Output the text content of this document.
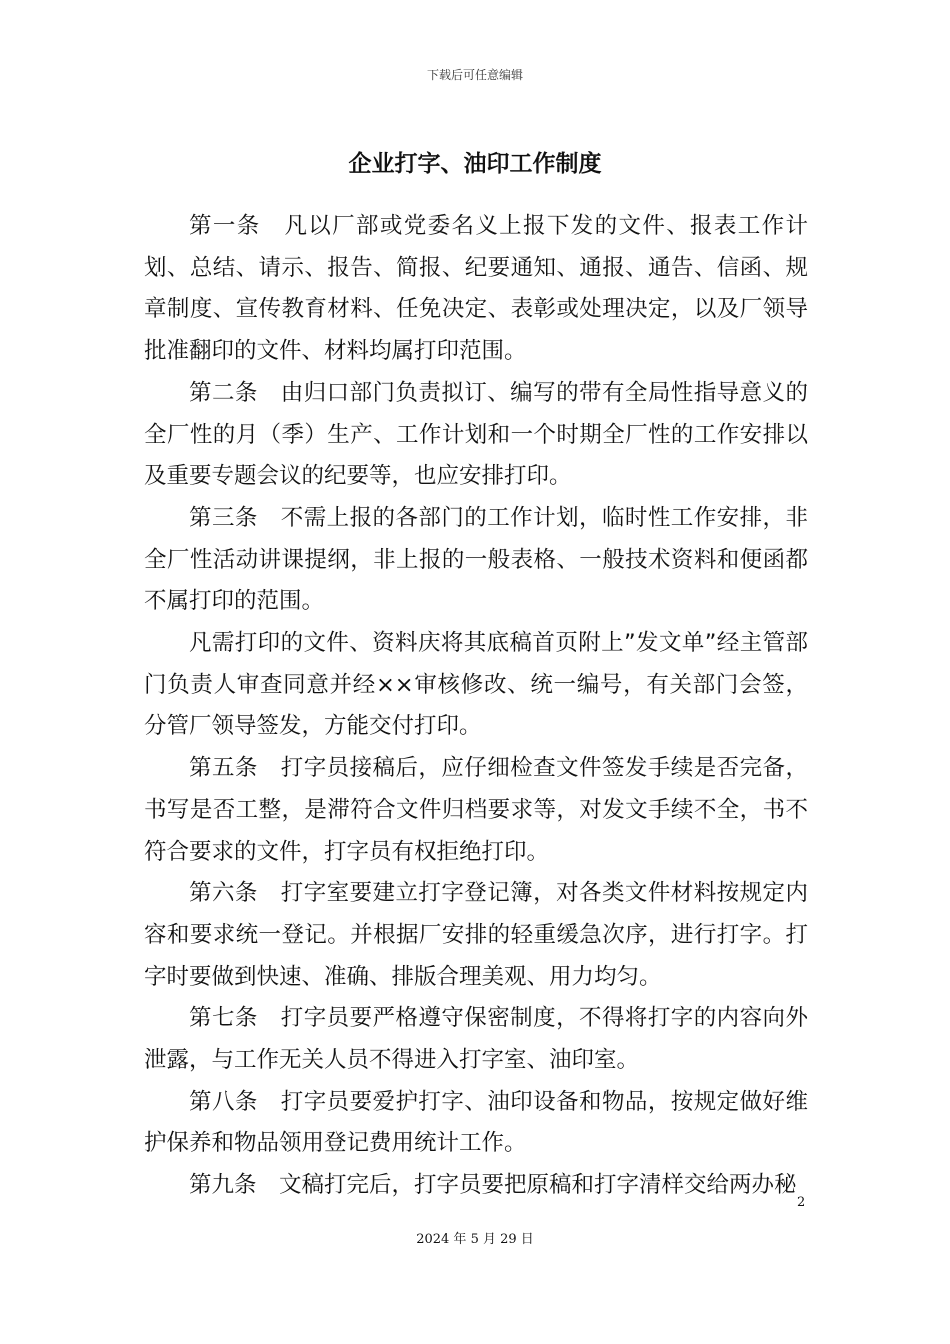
下载后可任意编辑
企业打字、油印工作制度

第一条　凡以厂部或党委名义上报下发的文件、报表工作计划、总结、请示、报告、简报、纪要通知、通报、通告、信函、规章制度、宣传教育材料、任免决定、表彰或处理决定，以及厂领导批准翻印的文件、材料均属打印范围。

第二条　由归口部门负责拟订、编写的带有全局性指导意义的全厂性的月（季）生产、工作计划和一个时期全厂性的工作安排以及重要专题会议的纪要等，也应安排打印。

第三条　不需上报的各部门的工作计划，临时性工作安排，非全厂性活动讲课提纲，非上报的一般表格、一般技术资料和便函都不属打印的范围。

凡需打印的文件、资料庆将其底稿首页附上”发文单”经主管部门负责人审查同意并经××审核修改、统一编号，有关部门会签，分管厂领导签发，方能交付打印。

第五条　打字员接稿后，应仔细检查文件签发手续是否完备，书写是否工整，是滞符合文件归档要求等，对发文手续不全，书不符合要求的文件，打字员有权拒绝打印。

第六条　打字室要建立打字登记簿，对各类文件材料按规定内容和要求统一登记。并根据厂安排的轻重缓急次序，进行打字。打字时要做到快速、准确、排版合理美观、用力均匀。

第七条　打字员要严格遵守保密制度，不得将打字的内容向外泄露，与工作无关人员不得进入打字室、油印室。

第八条　打字员要爱护打字、油印设备和物品，按规定做好维护保养和物品领用登记费用统计工作。

第九条　文稿打完后，打字员要把原稿和打字清样交给两办秘

2
2024 年 5 月 29 日
